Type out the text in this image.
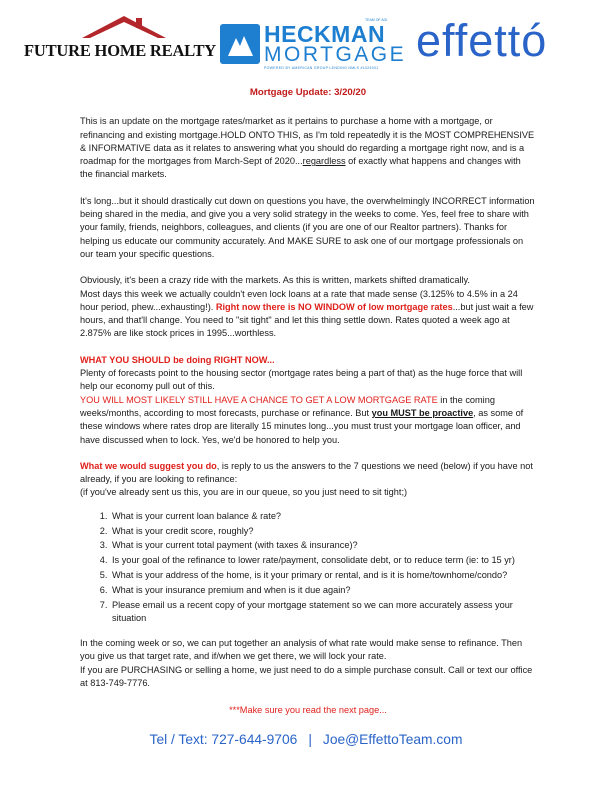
FUTURE HOME REALTY
HECKMAN
MORTGAGE
POWERED BY AMERICAN GROUP LENDING NMLS #1024001
TEAM OF AGI effettó
Mortgage Update: 3/20/20

This is an update on the mortgage rates/market as it pertains to purchase a home with a mortgage, or refinancing and existing mortgage.HOLD ONTO THIS, as I'm told repeatedly it is the MOST COMPREHENSIVE & INFORMATIVE data as it relates to answering what you should do regarding a mortgage right now, and is a roadmap for the mortgages from March-Sept of 2020...regardless of exactly what happens and changes with the financial markets.

It's long...but it should drastically cut down on questions you have, the overwhelmingly INCORRECT information being shared in the media, and give you a very solid strategy in the weeks to come. Yes, feel free to share with your family, friends, neighbors, colleagues, and clients (if you are one of our Realtor partners). Thanks for helping us educate our community accurately. And MAKE SURE to ask one of our mortgage professionals on our team your specific questions.

Obviously, it's been a crazy ride with the markets. As this is written, markets shifted dramatically.
Most days this week we actually couldn't even lock loans at a rate that made sense (3.125% to 4.5% in a 24 hour period, phew...exhausting!). Right now there is NO WINDOW of low mortgage rates...but just wait a few hours, and that'll change. You need to "sit tight" and let this thing settle down. Rates quoted a week ago at 2.875% are like stock prices in 1995...worthless.

WHAT YOU SHOULD be doing RIGHT NOW...
Plenty of forecasts point to the housing sector (mortgage rates being a part of that) as the huge force that will help our economy pull out of this.
YOU WILL MOST LIKELY STILL HAVE A CHANCE TO GET A LOW MORTGAGE RATE in the coming weeks/months, according to most forecasts, purchase or refinance. But you MUST be proactive, as some of these windows where rates drop are literally 15 minutes long...you must trust your mortgage loan officer, and have discussed when to lock. Yes, we'd be honored to help you.

What we would suggest you do, is reply to us the answers to the 7 questions we need (below) if you have not already, if you are looking to refinance:
(if you've already sent us this, you are in our queue, so you just need to sit tight;)

1. What is your current loan balance & rate?
2. What is your credit score, roughly?
3. What is your current total payment (with taxes & insurance)?
4. Is your goal of the refinance to lower rate/payment, consolidate debt, or to reduce term (ie: to 15 yr)
5. What is your address of the home, is it your primary or rental, and is it is home/townhome/condo?
6. What is your insurance premium and when is it due again?
7. Please email us a recent copy of your mortgage statement so we can more accurately assess your situation

In the coming week or so, we can put together an analysis of what rate would make sense to refinance. Then you give us that target rate, and if/when we get there, we will lock your rate.
If you are PURCHASING or selling a home, we just need to do a simple purchase consult. Call or text our office at 813-749-7776.

***Make sure you read the next page...
Tel / Text: 727-644-9706 | Joe@EffettoTeam.com
